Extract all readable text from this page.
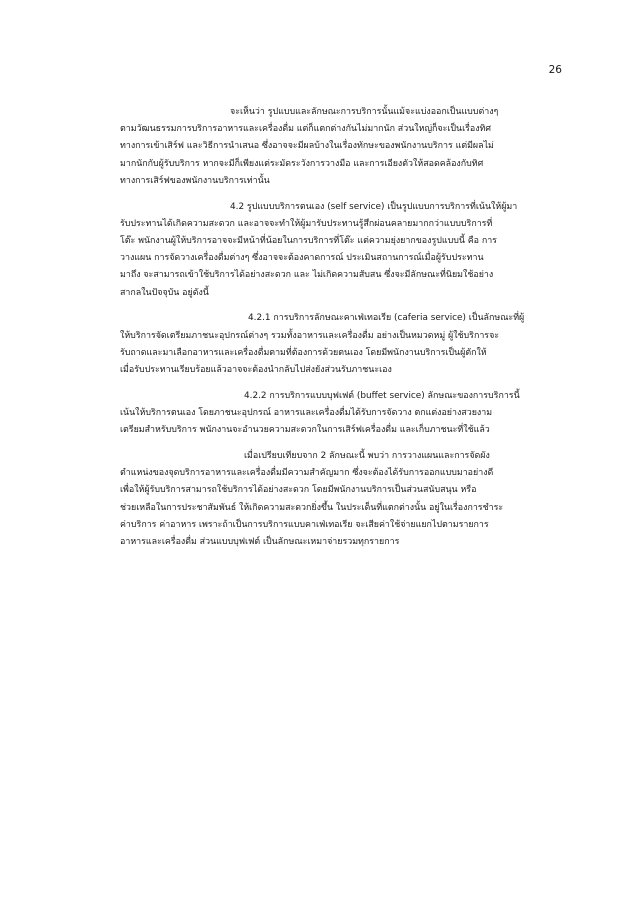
26

จะเห็นว่า รูปแบบและลักษณะการบริการนั้นแม้จะแบ่งออกเป็นแบบต่างๆ
ตามวัฒนธรรมการบริการอาหารและเครื่องดื่ม แต่ก็แตกต่างกันไม่มากนัก ส่วนใหญ่ก็จะเป็นเรื่องทิศ
ทางการเข้าเสิร์ฟ และวิธีการนำเสนอ ซึ่งอาจจะมีผลบ้างในเรื่องทักษะของพนักงานบริการ แต่มีผลไม่
มากนักกับผู้รับบริการ หากจะมีก็เพียงแต่ระมัดระวังการวางมือ และการเอียงตัวให้สอดคล้องกับทิศ
ทางการเสิร์ฟของพนักงานบริการเท่านั้น

4.2 รูปแบบบริการตนเอง (self service) เป็นรูปแบบการบริการที่เน้นให้ผู้มา
รับประทานได้เกิดความสะดวก และอาจจะทำให้ผู้มารับประทานรู้สึกผ่อนคลายมากกว่าแบบบริการที่
โต๊ะ พนักงานผู้ให้บริการอาจจะมีหน้าที่น้อยในการบริการที่โต๊ะ แต่ความยุ่งยากของรูปแบบนี้ คือ การ
วางแผน การจัดวางเครื่องดื่มต่างๆ ซึ่งอาจจะต้องคาดการณ์ ประเมินสถานการณ์เมื่อผู้รับประทาน
มาถึง จะสามารถเข้าใช้บริการได้อย่างสะดวก และ ไม่เกิดความสับสน ซึ่งจะมีลักษณะที่นิยมใช้อย่าง
สากลในปัจจุบัน อยู่ดังนี้

4.2.1 การบริการลักษณะคาเฟ่เทอเรีย (caferia service) เป็นลักษณะที่ผู้
ให้บริการจัดเตรียมภาชนะอุปกรณ์ต่างๆ รวมทั้งอาหารและเครื่องดื่ม อย่างเป็นหมวดหมู่ ผู้ใช้บริการจะ
รับถาดและมาเลือกอาหารและเครื่องดื่มตามที่ต้องการด้วยตนเอง โดยมีพนักงานบริการเป็นผู้ตักให้
เมื่อรับประทานเรียบร้อยแล้วอาจจะต้องนำกลับไปส่งยังส่วนรับภาชนะเอง

4.2.2 การบริการแบบบุฟเฟต์ (buffet service) ลักษณะของการบริการนี้
เน้นให้บริการตนเอง โดยภาชนะอุปกรณ์ อาหารและเครื่องดื่มได้รับการจัดวาง ตกแต่งอย่างสวยงาม
เตรียมสำหรับบริการ พนักงานจะอำนวยความสะดวกในการเสิร์ฟเครื่องดื่ม และเก็บภาชนะที่ใช้แล้ว

เมื่อเปรียบเทียบจาก 2 ลักษณะนี้ พบว่า การวางแผนและการจัดผัง
ตำแหน่งของจุดบริการอาหารและเครื่องดื่มมีความสำคัญมาก ซึ่งจะต้องได้รับการออกแบบมาอย่างดี
เพื่อให้ผู้รับบริการสามารถใช้บริการได้อย่างสะดวก โดยมีพนักงานบริการเป็นส่วนสนับสนุน หรือ
ช่วยเหลือในการประชาสัมพันธ์ ให้เกิดความสะดวกยิ่งขึ้น ในประเด็นที่แตกต่างนั้น อยู่ในเรื่องการชำระ
ค่าบริการ ค่าอาหาร เพราะถ้าเป็นการบริการแบบคาเฟ่เทอเรีย จะเสียค่าใช้จ่ายแยกไปตามรายการ
อาหารและเครื่องดื่ม ส่วนแบบบุฟเฟต์ เป็นลักษณะเหมาจ่ายรวมทุกรายการ
